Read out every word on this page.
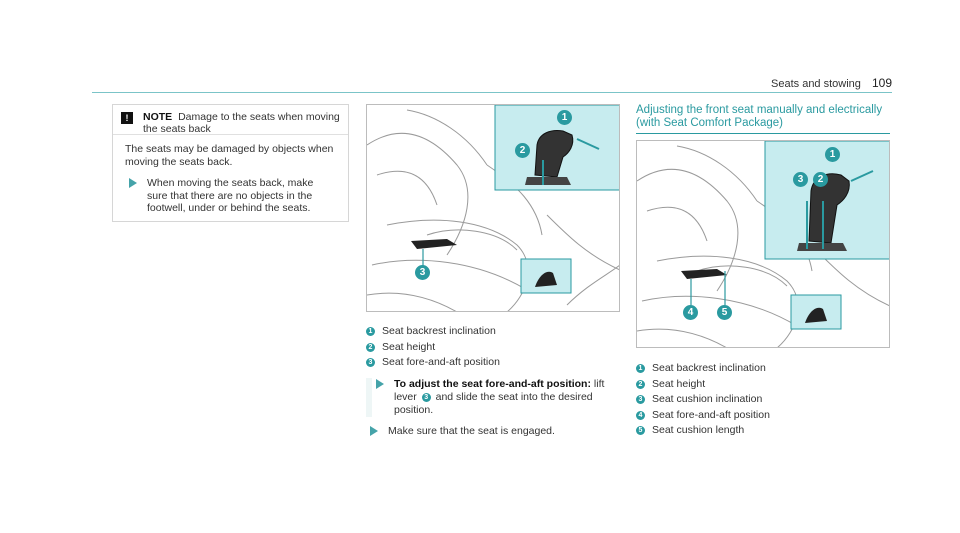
Seats and stowing 109
!	NOTE Damage to the seats when moving the seats back
The seats may be damaged by objects when moving the seats back.
When moving the seats back, make sure that there are no objects in the footwell, under or behind the seats.
1
2
3
1 Seat backrest inclination
2 Seat height
3 Seat fore-and-aft position
To adjust the seat fore-and-aft position: lift lever 3 and slide the seat into the desired position.
Make sure that the seat is engaged.
Adjusting the front seat manually and electrically (with Seat Comfort Package)
1
3	2
4	5
1 Seat backrest inclination
2 Seat height
3 Seat cushion inclination
4 Seat fore-and-aft position
5 Seat cushion length
